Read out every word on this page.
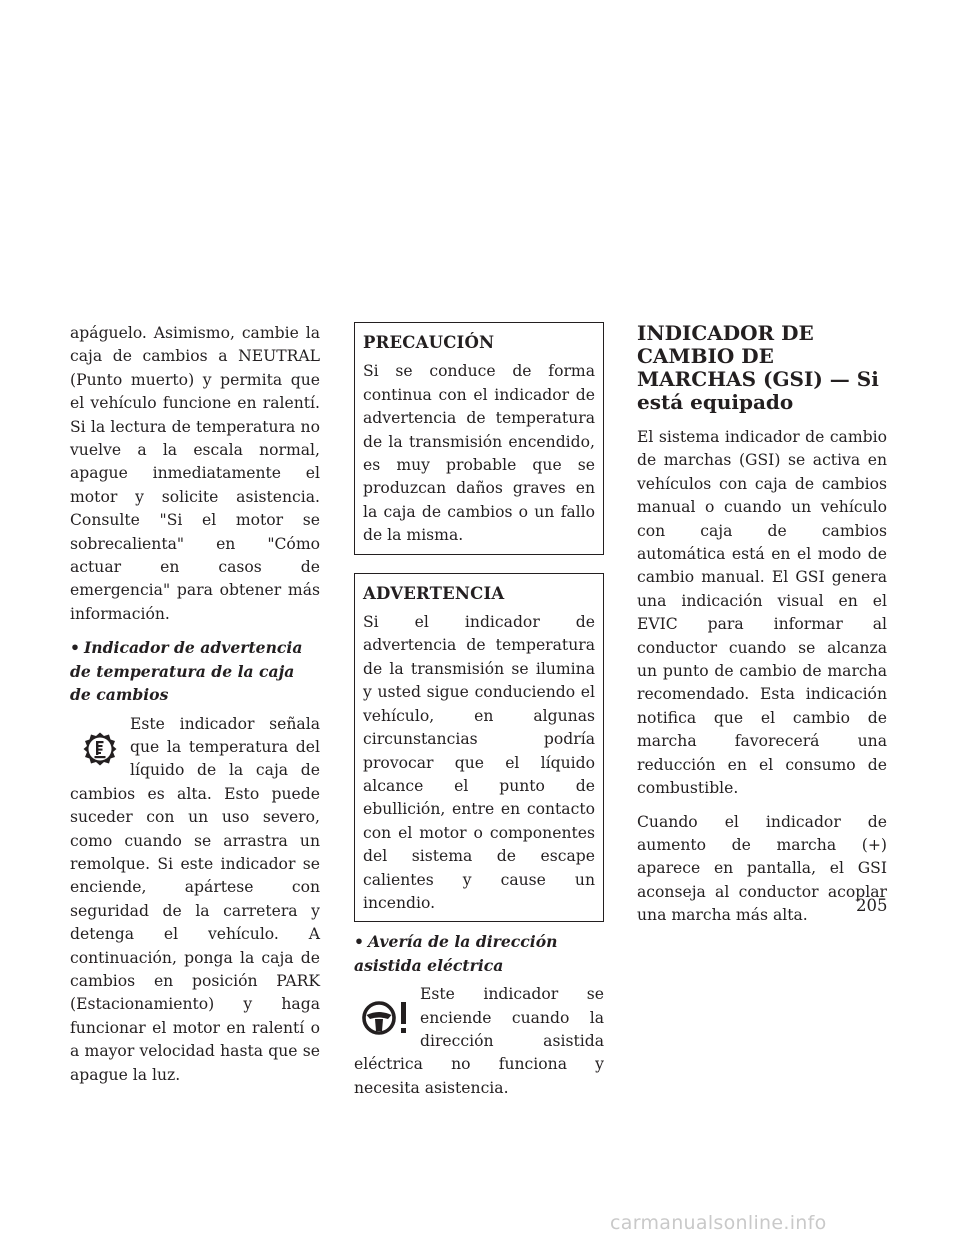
apáguelo. Asimismo, cambie la caja de cambios a NEUTRAL (Punto muerto) y permita que el vehículo funcione en ralentí. Si la lectura de temperatura no vuelve a la escala normal, apague inmediatamente el motor y solicite asistencia. Consulte "Si el motor se sobrecalienta" en "Cómo actuar en casos de emergencia" para obtener más información.

• Indicador de advertencia de temperatura de la caja de cambios

Este indicador señala que la temperatura del líquido de la caja de cambios es alta. Esto puede suceder con un uso severo, como cuando se arrastra un remolque. Si este indicador se enciende, apártese con seguridad de la carretera y detenga el vehículo. A continuación, ponga la caja de cambios en posición PARK (Estacionamiento) y haga funcionar el motor en ralentí o a mayor velocidad hasta que se apague la luz.

PRECAUCIÓN

Si se conduce de forma continua con el indicador de advertencia de temperatura de la transmisión encendido, es muy probable que se produzcan daños graves en la caja de cambios o un fallo de la misma.

ADVERTENCIA

Si el indicador de advertencia de temperatura de la transmisión se ilumina y usted sigue conduciendo el vehículo, en algunas circunstancias podría provocar que el líquido alcance el punto de ebullición, entre en contacto con el motor o componentes del sistema de escape calientes y cause un incendio.

• Avería de la dirección asistida eléctrica

Este indicador se enciende cuando la dirección asistida eléctrica no funciona y necesita asistencia.

INDICADOR DE CAMBIO DE MARCHAS (GSI) — Si está equipado

El sistema indicador de cambio de marchas (GSI) se activa en vehículos con caja de cambios manual o cuando un vehículo con caja de cambios automática está en el modo de cambio manual. El GSI genera una indicación visual en el EVIC para informar al conductor cuando se alcanza un punto de cambio de marcha recomendado. Esta indicación notifica que el cambio de marcha favorecerá una reducción en el consumo de combustible.

Cuando el indicador de aumento de marcha (+) aparece en pantalla, el GSI aconseja al conductor acoplar una marcha más alta.

205
carmanualsonline.info
